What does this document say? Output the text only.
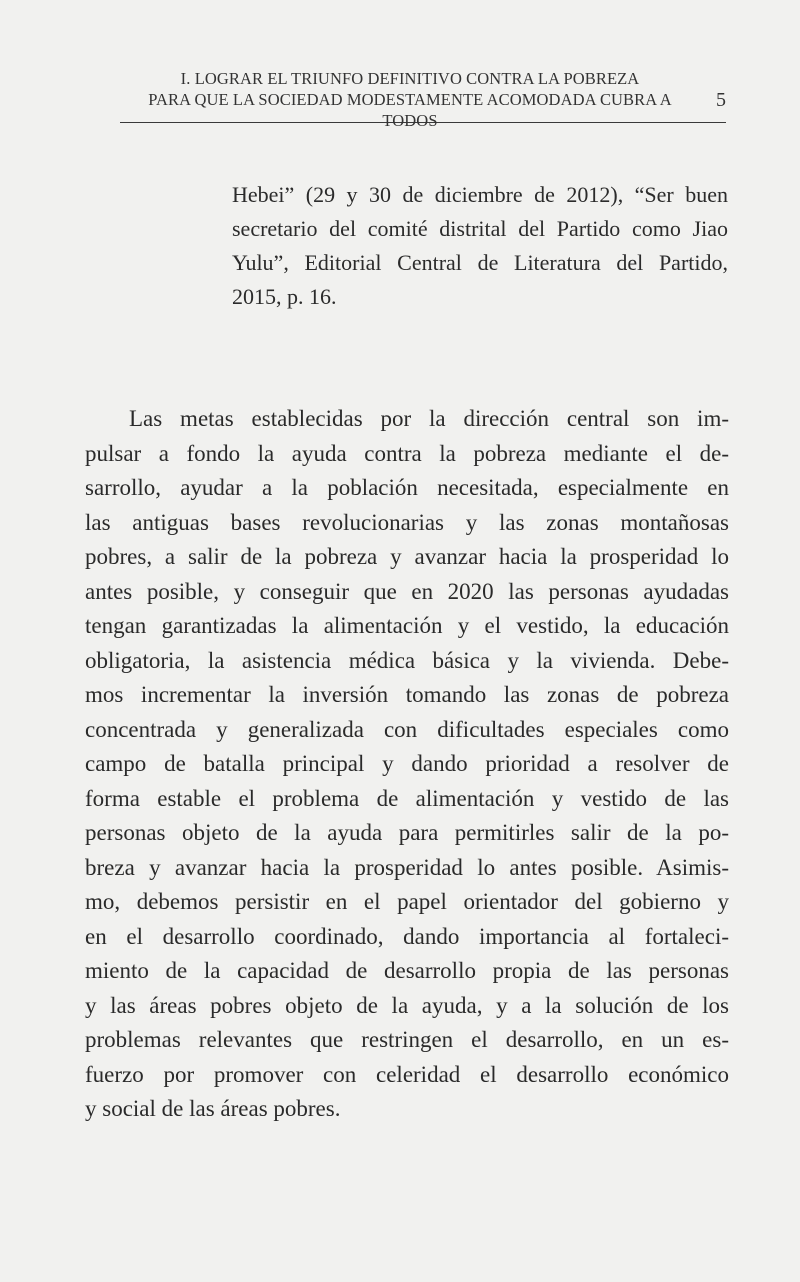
I. LOGRAR EL TRIUNFO DEFINITIVO CONTRA LA POBREZA
PARA QUE LA SOCIEDAD MODESTAMENTE ACOMODADA CUBRA A TODOS
5
Hebei” (29 y 30 de diciembre de 2012), “Ser buen
secretario del comité distrital del Partido como Jiao
Yulu”, Editorial Central de Literatura del Partido,
2015, p. 16.
Las metas establecidas por la dirección central son im-
pulsar a fondo la ayuda contra la pobreza mediante el de-
sarrollo, ayudar a la población necesitada, especialmente en
las antiguas bases revolucionarias y las zonas montañosas
pobres, a salir de la pobreza y avanzar hacia la prosperidad lo
antes posible, y conseguir que en 2020 las personas ayudadas
tengan garantizadas la alimentación y el vestido, la educación
obligatoria, la asistencia médica básica y la vivienda. Debe-
mos incrementar la inversión tomando las zonas de pobreza
concentrada y generalizada con dificultades especiales como
campo de batalla principal y dando prioridad a resolver de
forma estable el problema de alimentación y vestido de las
personas objeto de la ayuda para permitirles salir de la po-
breza y avanzar hacia la prosperidad lo antes posible. Asimis-
mo, debemos persistir en el papel orientador del gobierno y
en el desarrollo coordinado, dando importancia al fortaleci-
miento de la capacidad de desarrollo propia de las personas
y las áreas pobres objeto de la ayuda, y a la solución de los
problemas relevantes que restringen el desarrollo, en un es-
fuerzo por promover con celeridad el desarrollo económico
y social de las áreas pobres.
